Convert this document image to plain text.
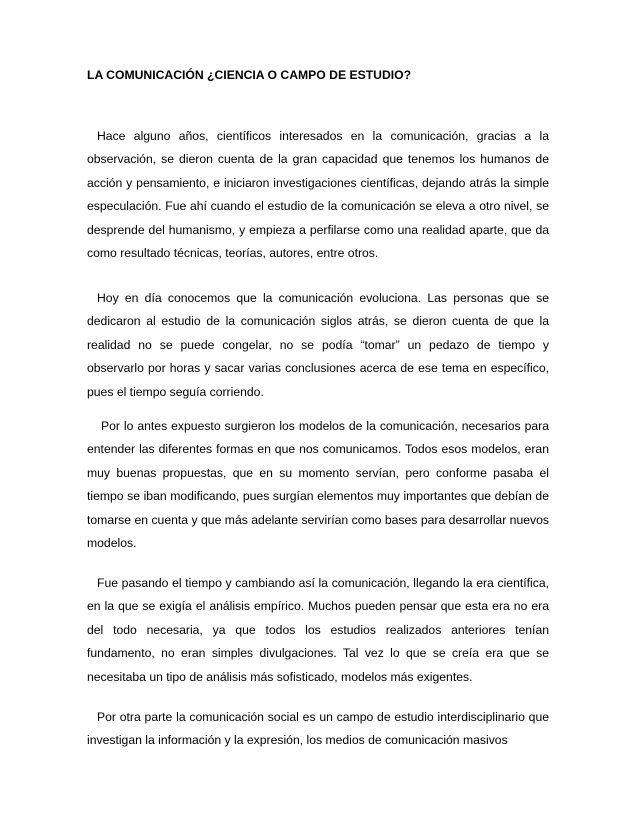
LA COMUNICACIÓN ¿CIENCIA O CAMPO DE ESTUDIO?

Hace alguno años, científicos interesados en la comunicación, gracias a la observación, se dieron cuenta de la gran capacidad que tenemos los humanos de acción y pensamiento, e iniciaron investigaciones científicas, dejando atrás la simple especulación. Fue ahí cuando el estudio de la comunicación se eleva a otro nivel, se desprende del humanismo, y empieza a perfilarse como una realidad aparte, que da como resultado técnicas, teorías, autores, entre otros.

Hoy en día conocemos que la comunicación evoluciona. Las personas que se dedicaron al estudio de la comunicación siglos atrás, se dieron cuenta de que la realidad no se puede congelar, no se podía “tomar” un pedazo de tiempo y observarlo por horas y sacar varias conclusiones acerca de ese tema en específico, pues el tiempo seguía corriendo.

Por lo antes expuesto surgieron los modelos de la comunicación, necesarios para entender las diferentes formas en que nos comunicamos. Todos esos modelos, eran muy buenas propuestas, que en su momento servían, pero conforme pasaba el tiempo se iban modificando, pues surgían elementos muy importantes que debían de tomarse en cuenta y que más adelante servirían como bases para desarrollar nuevos modelos.

Fue pasando el tiempo y cambiando así la comunicación, llegando la era científica, en la que se exigía el análisis empírico. Muchos pueden pensar que esta era no era del todo necesaria, ya que todos los estudios realizados anteriores tenían fundamento, no eran simples divulgaciones. Tal vez lo que se creía era que se necesitaba un tipo de análisis más sofisticado, modelos más exigentes.

Por otra parte la comunicación social es un campo de estudio interdisciplinario que investigan la información y la expresión, los medios de comunicación masivos
